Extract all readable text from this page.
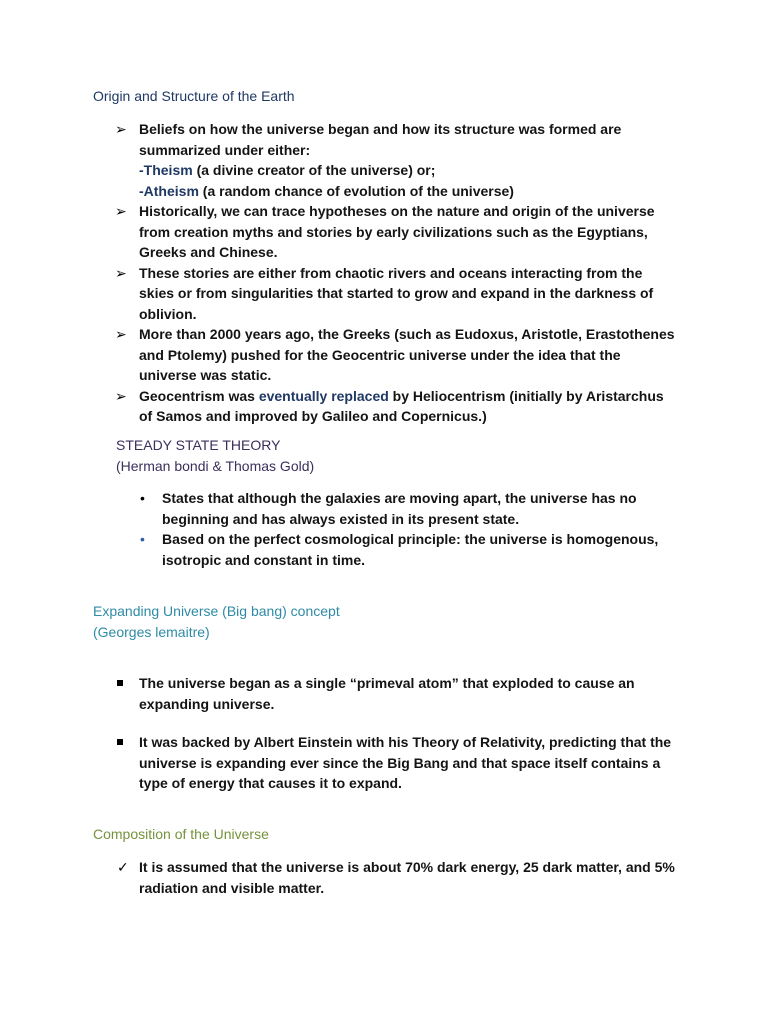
Origin and Structure of the Earth
➢ Beliefs on how the universe began and how its structure was formed are summarized under either:
-Theism (a divine creator of the universe) or;
-Atheism (a random chance of evolution of the universe)
➢ Historically, we can trace hypotheses on the nature and origin of the universe from creation myths and stories by early civilizations such as the Egyptians, Greeks and Chinese.
➢ These stories are either from chaotic rivers and oceans interacting from the skies or from singularities that started to grow and expand in the darkness of oblivion.
➢ More than 2000 years ago, the Greeks (such as Eudoxus, Aristotle, Erastothenes and Ptolemy) pushed for the Geocentric universe under the idea that the universe was static.
➢ Geocentrism was eventually replaced by Heliocentrism (initially by Aristarchus of Samos and improved by Galileo and Copernicus.)
STEADY STATE THEORY
(Herman bondi & Thomas Gold)
• States that although the galaxies are moving apart, the universe has no beginning and has always existed in its present state.
• Based on the perfect cosmological principle: the universe is homogenous, isotropic and constant in time.
Expanding Universe (Big bang) concept
(Georges lemaitre)
The universe began as a single “primeval atom” that exploded to cause an expanding universe.
It was backed by Albert Einstein with his Theory of Relativity, predicting that the universe is expanding ever since the Big Bang and that space itself contains a type of energy that causes it to expand.
Composition of the Universe
✓ It is assumed that the universe is about 70% dark energy, 25 dark matter, and 5% radiation and visible matter.
